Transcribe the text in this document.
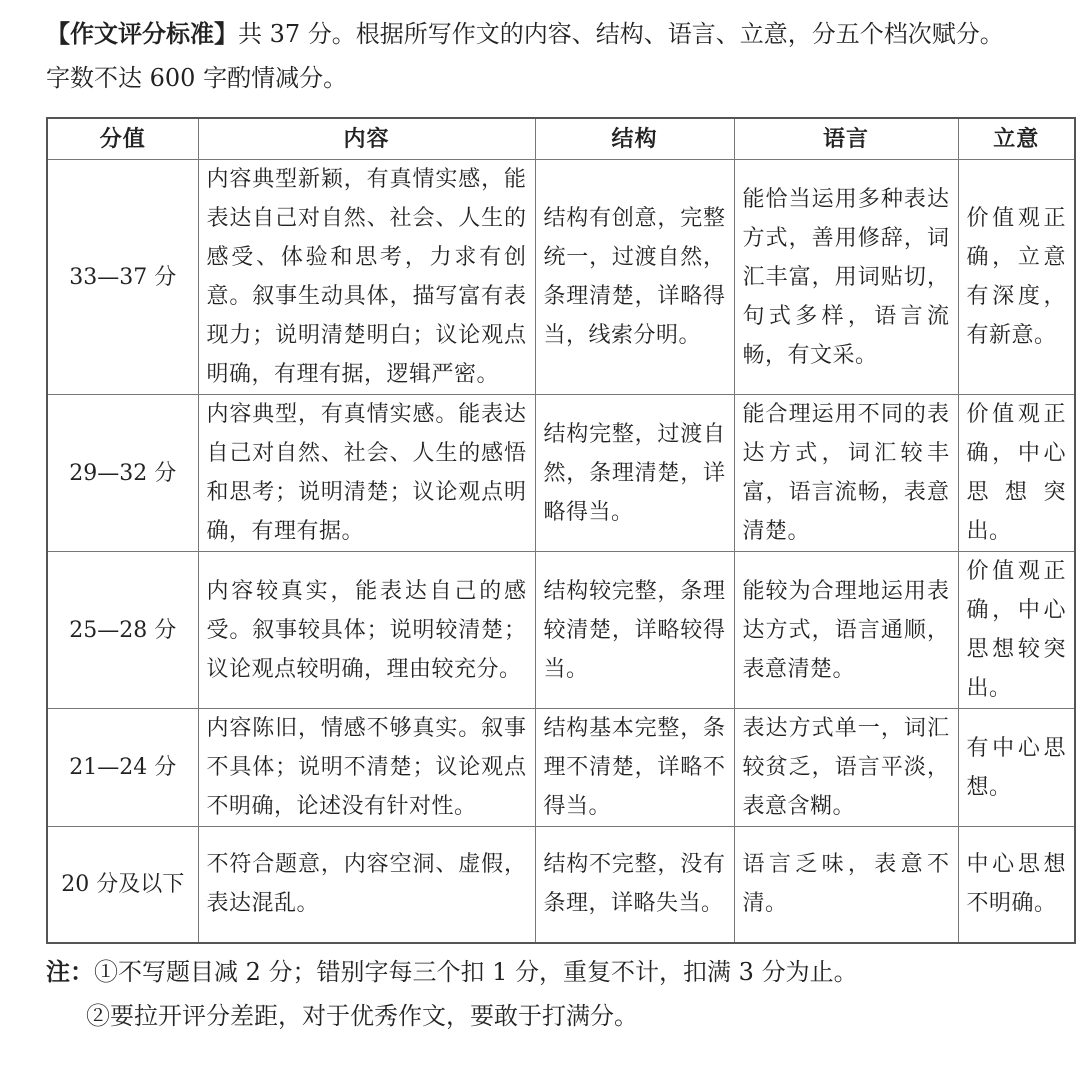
【作文评分标准】共 37 分。根据所写作文的内容、结构、语言、立意，分五个档次赋分。
字数不达 600 字酌情减分。
分值	内容	结构	语言	立意
33—37 分	内容典型新颖，有真情实感，能表达自己对自然、社会、人生的感受、体验和思考，力求有创意。叙事生动具体，描写富有表现力；说明清楚明白；议论观点明确，有理有据，逻辑严密。	结构有创意，完整统一，过渡自然，条理清楚，详略得当，线索分明。	能恰当运用多种表达方式，善用修辞，词汇丰富，用词贴切，句式多样，语言流畅，有文采。	价值观正确，立意有深度，有新意。
29—32 分	内容典型，有真情实感。能表达自己对自然、社会、人生的感悟和思考；说明清楚；议论观点明确，有理有据。	结构完整，过渡自然，条理清楚，详略得当。	能合理运用不同的表达方式，词汇较丰富，语言流畅，表意清楚。	价值观正确，中心思想突出。
25—28 分	内容较真实，能表达自己的感受。叙事较具体；说明较清楚；议论观点较明确，理由较充分。	结构较完整，条理较清楚，详略较得当。	能较为合理地运用表达方式，语言通顺，表意清楚。	价值观正确，中心思想较突出。
21—24 分	内容陈旧，情感不够真实。叙事不具体；说明不清楚；议论观点不明确，论述没有针对性。	结构基本完整，条理不清楚，详略不得当。	表达方式单一，词汇较贫乏，语言平淡，表意含糊。	有中心思想。
20 分及以下	不符合题意，内容空洞、虚假，表达混乱。	结构不完整，没有条理，详略失当。	语言乏味，表意不清。	中心思想不明确。
注：①不写题目减 2 分；错别字每三个扣 1 分，重复不计，扣满 3 分为止。
②要拉开评分差距，对于优秀作文，要敢于打满分。
